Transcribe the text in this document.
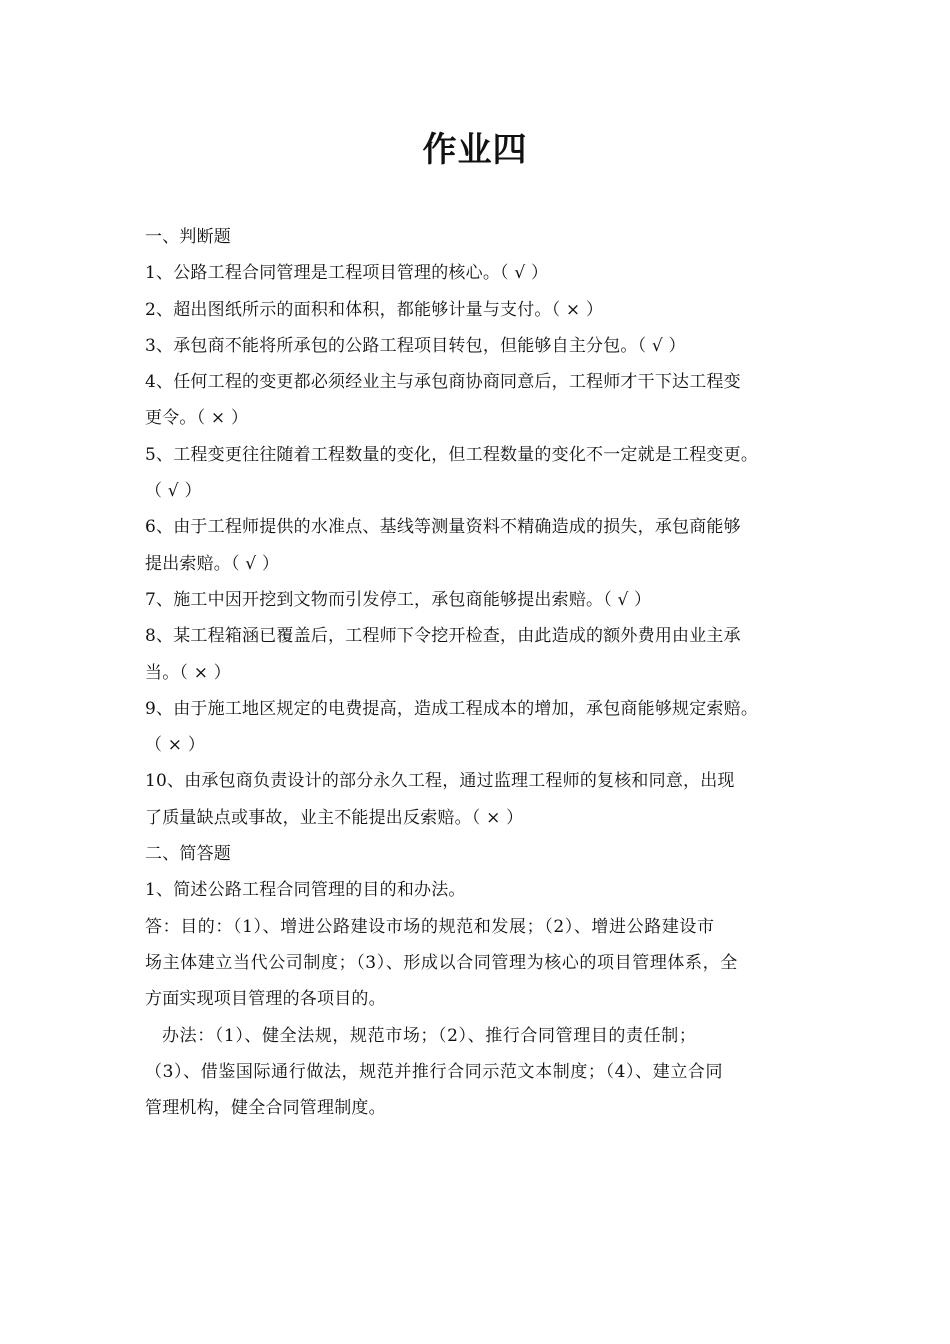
作业四
一、判断题
1、公路工程合同管理是工程项目管理的核心。（ √ ）
2、超出图纸所示的面积和体积，都能够计量与支付。（ × ）
3、承包商不能将所承包的公路工程项目转包，但能够自主分包。（ √ ）
4、任何工程的变更都必须经业主与承包商协商同意后，工程师才干下达工程变
更令。（ × ）
5、工程变更往往随着工程数量的变化，但工程数量的变化不一定就是工程变更。
（ √ ）
6、由于工程师提供的水准点、基线等测量资料不精确造成的损失，承包商能够
提出索赔。（ √ ）
7、施工中因开挖到文物而引发停工，承包商能够提出索赔。（ √ ）
8、某工程箱涵已覆盖后，工程师下令挖开检查，由此造成的额外费用由业主承
当。（ × ）
9、由于施工地区规定的电费提高，造成工程成本的增加，承包商能够规定索赔。
（ × ）
10、由承包商负责设计的部分永久工程，通过监理工程师的复核和同意，出现
了质量缺点或事故，业主不能提出反索赔。（ × ）
二、简答题
1、简述公路工程合同管理的目的和办法。
答：目的：（1）、增进公路建设市场的规范和发展；（2）、增进公路建设市
场主体建立当代公司制度；（3）、形成以合同管理为核心的项目管理体系，全
方面实现项目管理的各项目的。
办法：（1）、健全法规，规范市场；（2）、推行合同管理目的责任制；
（3）、借鉴国际通行做法，规范并推行合同示范文本制度；（4）、建立合同
管理机构，健全合同管理制度。
